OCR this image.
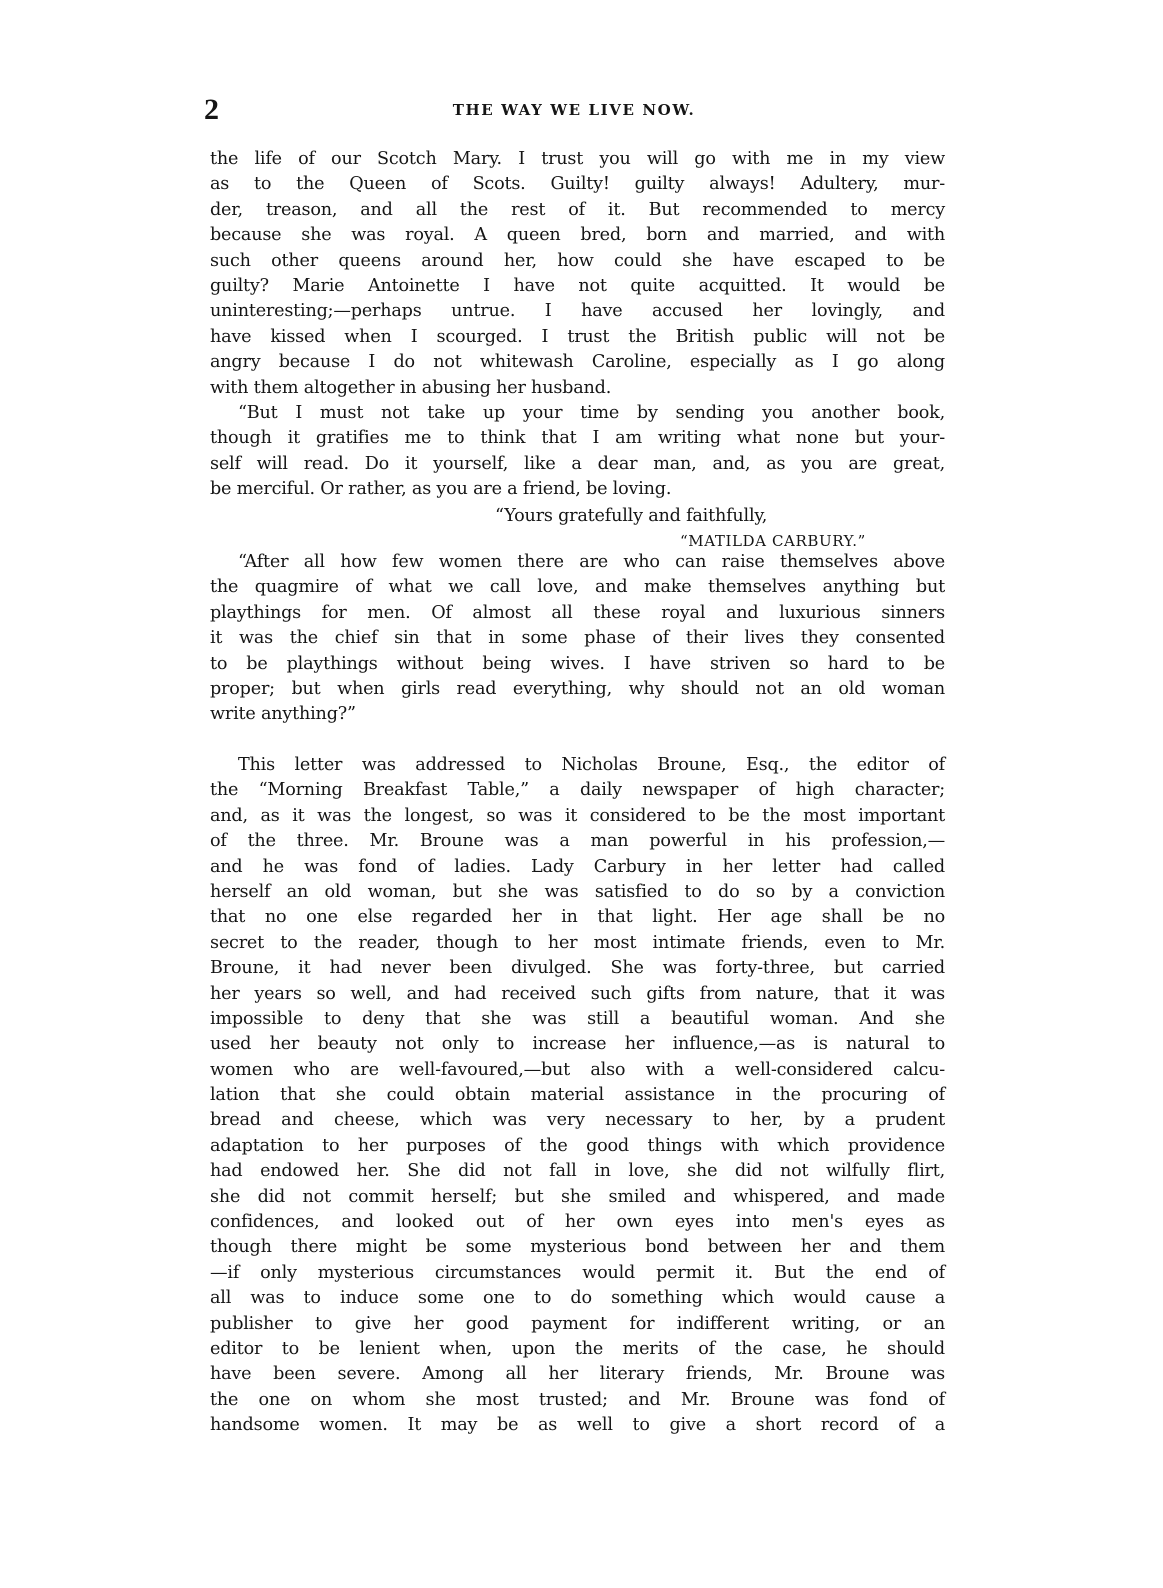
2	THE WAY WE LIVE NOW.
the life of our Scotch Mary. I trust you will go with me in my view
as to the Queen of Scots. Guilty! guilty always! Adultery, mur-
der, treason, and all the rest of it. But recommended to mercy
because she was royal. A queen bred, born and married, and with
such other queens around her, how could she have escaped to be
guilty? Marie Antoinette I have not quite acquitted. It would be
uninteresting;—perhaps untrue. I have accused her lovingly, and
have kissed when I scourged. I trust the British public will not be
angry because I do not whitewash Caroline, especially as I go along
with them altogether in abusing her husband.
“But I must not take up your time by sending you another book,
though it gratifies me to think that I am writing what none but your-
self will read. Do it yourself, like a dear man, and, as you are great,
be merciful. Or rather, as you are a friend, be loving.
“Yours gratefully and faithfully,
“MATILDA CARBURY.”
“After all how few women there are who can raise themselves above
the quagmire of what we call love, and make themselves anything but
playthings for men. Of almost all these royal and luxurious sinners
it was the chief sin that in some phase of their lives they consented
to be playthings without being wives. I have striven so hard to be
proper; but when girls read everything, why should not an old woman
write anything?”
This letter was addressed to Nicholas Broune, Esq., the editor of
the “Morning Breakfast Table,” a daily newspaper of high character;
and, as it was the longest, so was it considered to be the most important
of the three. Mr. Broune was a man powerful in his profession,—
and he was fond of ladies. Lady Carbury in her letter had called
herself an old woman, but she was satisfied to do so by a conviction
that no one else regarded her in that light. Her age shall be no
secret to the reader, though to her most intimate friends, even to Mr.
Broune, it had never been divulged. She was forty-three, but carried
her years so well, and had received such gifts from nature, that it was
impossible to deny that she was still a beautiful woman. And she
used her beauty not only to increase her influence,—as is natural to
women who are well-favoured,—but also with a well-considered calcu-
lation that she could obtain material assistance in the procuring of
bread and cheese, which was very necessary to her, by a prudent
adaptation to her purposes of the good things with which providence
had endowed her. She did not fall in love, she did not wilfully flirt,
she did not commit herself; but she smiled and whispered, and made
confidences, and looked out of her own eyes into men's eyes as
though there might be some mysterious bond between her and them
—if only mysterious circumstances would permit it. But the end of
all was to induce some one to do something which would cause a
publisher to give her good payment for indifferent writing, or an
editor to be lenient when, upon the merits of the case, he should
have been severe. Among all her literary friends, Mr. Broune was
the one on whom she most trusted; and Mr. Broune was fond of
handsome women. It may be as well to give a short record of a
